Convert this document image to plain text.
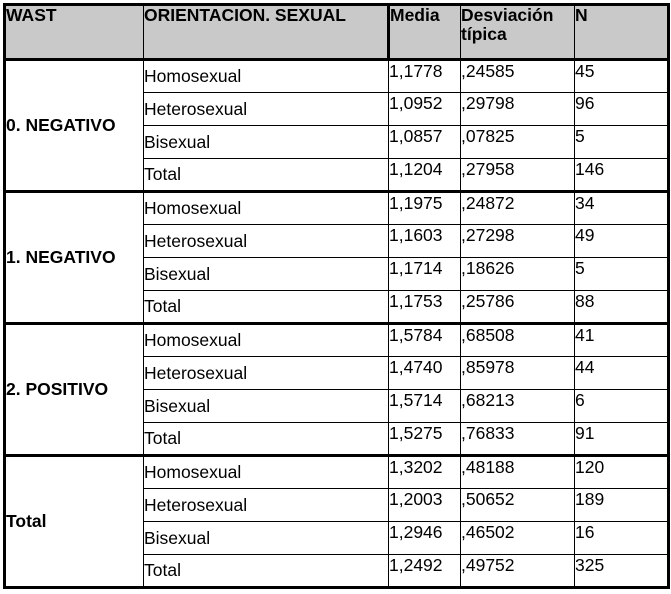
WAST	ORIENTACION. SEXUAL	Media	Desviación típica	N
0. NEGATIVO	Homosexual	1,1778	,24585	45
	Heterosexual	1,0952	,29798	96
	Bisexual	1,0857	,07825	5
	Total	1,1204	,27958	146
1. NEGATIVO	Homosexual	1,1975	,24872	34
	Heterosexual	1,1603	,27298	49
	Bisexual	1,1714	,18626	5
	Total	1,1753	,25786	88
2. POSITIVO	Homosexual	1,5784	,68508	41
	Heterosexual	1,4740	,85978	44
	Bisexual	1,5714	,68213	6
	Total	1,5275	,76833	91
Total	Homosexual	1,3202	,48188	120
	Heterosexual	1,2003	,50652	189
	Bisexual	1,2946	,46502	16
	Total	1,2492	,49752	325
